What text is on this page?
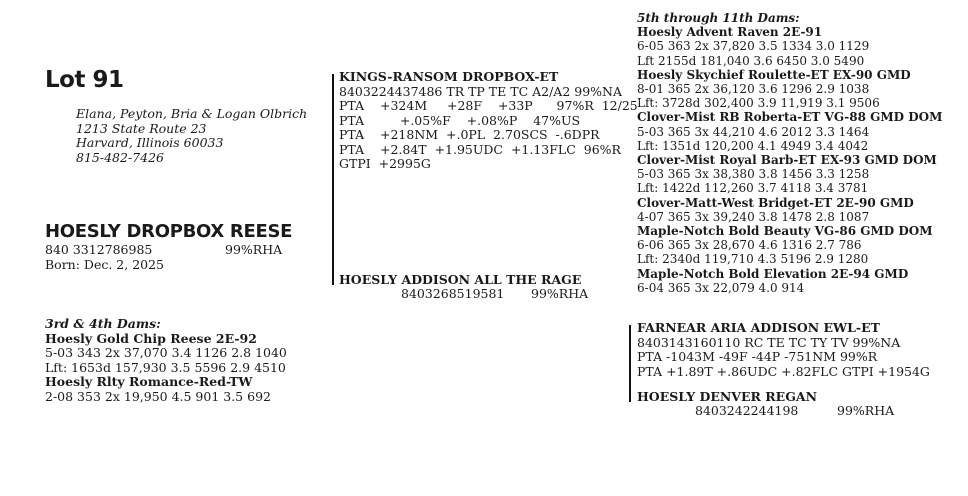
Lot 91
Elana, Peyton, Bria & Logan Olbrich
1213 State Route 23
Harvard, Illinois 60033
815-482-7426
HOESLY DROPBOX REESE
840 3312786985	99%RHA
Born: Dec. 2, 2025
3rd & 4th Dams:
Hoesly Gold Chip Reese 2E-92
5-03 343 2x 37,070 3.4 1126 2.8 1040
Lft: 1653d 157,930 3.5 5596 2.9 4510
Hoesly Rlty Romance-Red-TW
2-08 353 2x 19,950 4.5 901 3.5 692
KINGS-RANSOM DROPBOX-ET
8403224437486 TR TP TE TC A2/A2 99%NA
PTA    +324M     +28F    +33P      97%R  12/25
PTA         +.05%F    +.08%P    47%US
PTA    +218NM  +.0PL  2.70SCS  -.6DPR
PTA    +2.84T  +1.95UDC  +1.13FLC  96%R
GTPI  +2995G
HOESLY ADDISON ALL THE RAGE
8403268519581 99%RHA
5th through 11th Dams:
Hoesly Advent Raven 2E-91
6-05 363 2x 37,820 3.5 1334 3.0 1129
Lft 2155d 181,040 3.6 6450 3.0 5490
Hoesly Skychief Roulette-ET EX-90 GMD
8-01 365 2x 36,120 3.6 1296 2.9 1038
Lft: 3728d 302,400 3.9 11,919 3.1 9506
Clover-Mist RB Roberta-ET VG-88 GMD DOM
5-03 365 3x 44,210 4.6 2012 3.3 1464
Lft: 1351d 120,200 4.1 4949 3.4 4042
Clover-Mist Royal Barb-ET EX-93 GMD DOM
5-03 365 3x 38,380 3.8 1456 3.3 1258
Lft: 1422d 112,260 3.7 4118 3.4 3781
Clover-Matt-West Bridget-ET 2E-90 GMD
4-07 365 3x 39,240 3.8 1478 2.8 1087
Maple-Notch Bold Beauty VG-86 GMD DOM
6-06 365 3x 28,670 4.6 1316 2.7 786
Lft: 2340d 119,710 4.3 5196 2.9 1280
Maple-Notch Bold Elevation 2E-94 GMD
6-04 365 3x 22,079 4.0 914
FARNEAR ARIA ADDISON EWL-ET
8403143160110 RC TE TC TY TV 99%NA
PTA -1043M -49F -44P -751NM 99%R
PTA +1.89T +.86UDC +.82FLC GTPI +1954G
HOESLY DENVER REGAN
8403242244198	99%RHA
